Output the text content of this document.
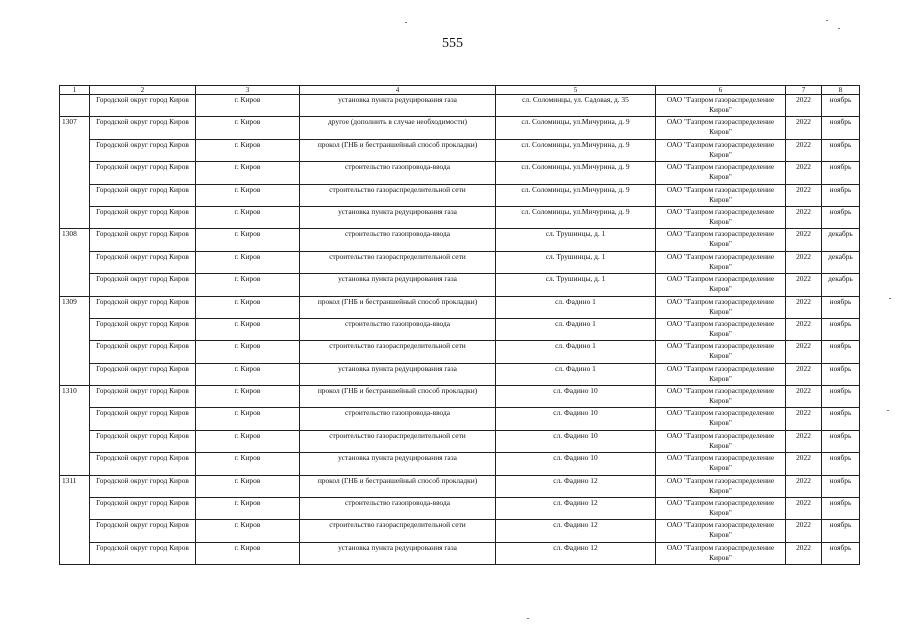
555
1	2	3	4	5	6	7	8
	Городской округ город Киров	г. Киров	установка пункта редуцирования газа	сл. Соломинцы, ул. Садовая, д. 35	ОАО "Газпром газораспределение Киров"	2022	ноябрь
1307	Городской округ город Киров	г. Киров	другое (дополнить в случае необходимости)	сл. Соломинцы, ул.Мичурина, д. 9	ОАО "Газпром газораспределение Киров"	2022	ноябрь
	Городской округ город Киров	г. Киров	прокол (ГНБ и бестраншейный способ прокладки)	сл. Соломинцы, ул.Мичурина, д. 9	ОАО "Газпром газораспределение Киров"	2022	ноябрь
	Городской округ город Киров	г. Киров	строительство газопровода-ввода	сл. Соломинцы, ул.Мичурина, д. 9	ОАО "Газпром газораспределение Киров"	2022	ноябрь
	Городской округ город Киров	г. Киров	строительство газораспределительной сети	сл. Соломинцы, ул.Мичурина, д. 9	ОАО "Газпром газораспределение Киров"	2022	ноябрь
	Городской округ город Киров	г. Киров	установка пункта редуцирования газа	сл. Соломинцы, ул.Мичурина, д. 9	ОАО "Газпром газораспределение Киров"	2022	ноябрь
1308	Городской округ город Киров	г. Киров	строительство газопровода-ввода	сл. Трушинцы, д. 1	ОАО "Газпром газораспределение Киров"	2022	декабрь
	Городской округ город Киров	г. Киров	строительство газораспределительной сети	сл. Трушинцы, д. 1	ОАО "Газпром газораспределение Киров"	2022	декабрь
	Городской округ город Киров	г. Киров	установка пункта редуцирования газа	сл. Трушинцы, д. 1	ОАО "Газпром газораспределение Киров"	2022	декабрь
1309	Городской округ город Киров	г. Киров	прокол (ГНБ и бестраншейный способ прокладки)	сл. Фадино 1	ОАО "Газпром газораспределение Киров"	2022	ноябрь
	Городской округ город Киров	г. Киров	строительство газопровода-ввода	сл. Фадино 1	ОАО "Газпром газораспределение Киров"	2022	ноябрь
	Городской округ город Киров	г. Киров	строительство газораспределительной сети	сл. Фадино 1	ОАО "Газпром газораспределение Киров"	2022	ноябрь
	Городской округ город Киров	г. Киров	установка пункта редуцирования газа	сл. Фадино 1	ОАО "Газпром газораспределение Киров"	2022	ноябрь
1310	Городской округ город Киров	г. Киров	прокол (ГНБ и бестраншейный способ прокладки)	сл. Фадино 10	ОАО "Газпром газораспределение Киров"	2022	ноябрь
	Городской округ город Киров	г. Киров	строительство газопровода-ввода	сл. Фадино 10	ОАО "Газпром газораспределение Киров"	2022	ноябрь
	Городской округ город Киров	г. Киров	строительство газораспределительной сети	сл. Фадино 10	ОАО "Газпром газораспределение Киров"	2022	ноябрь
	Городской округ город Киров	г. Киров	установка пункта редуцирования газа	сл. Фадино 10	ОАО "Газпром газораспределение Киров"	2022	ноябрь
1311	Городской округ город Киров	г. Киров	прокол (ГНБ и бестраншейный способ прокладки)	сл. Фадино 12	ОАО "Газпром газораспределение Киров"	2022	ноябрь
	Городской округ город Киров	г. Киров	строительство газопровода-ввода	сл. Фадино 12	ОАО "Газпром газораспределение Киров"	2022	ноябрь
	Городской округ город Киров	г. Киров	строительство газораспределительной сети	сл. Фадино 12	ОАО "Газпром газораспределение Киров"	2022	ноябрь
	Городской округ город Киров	г. Киров	установка пункта редуцирования газа	сл. Фадино 12	ОАО "Газпром газораспределение Киров"	2022	ноябрь
